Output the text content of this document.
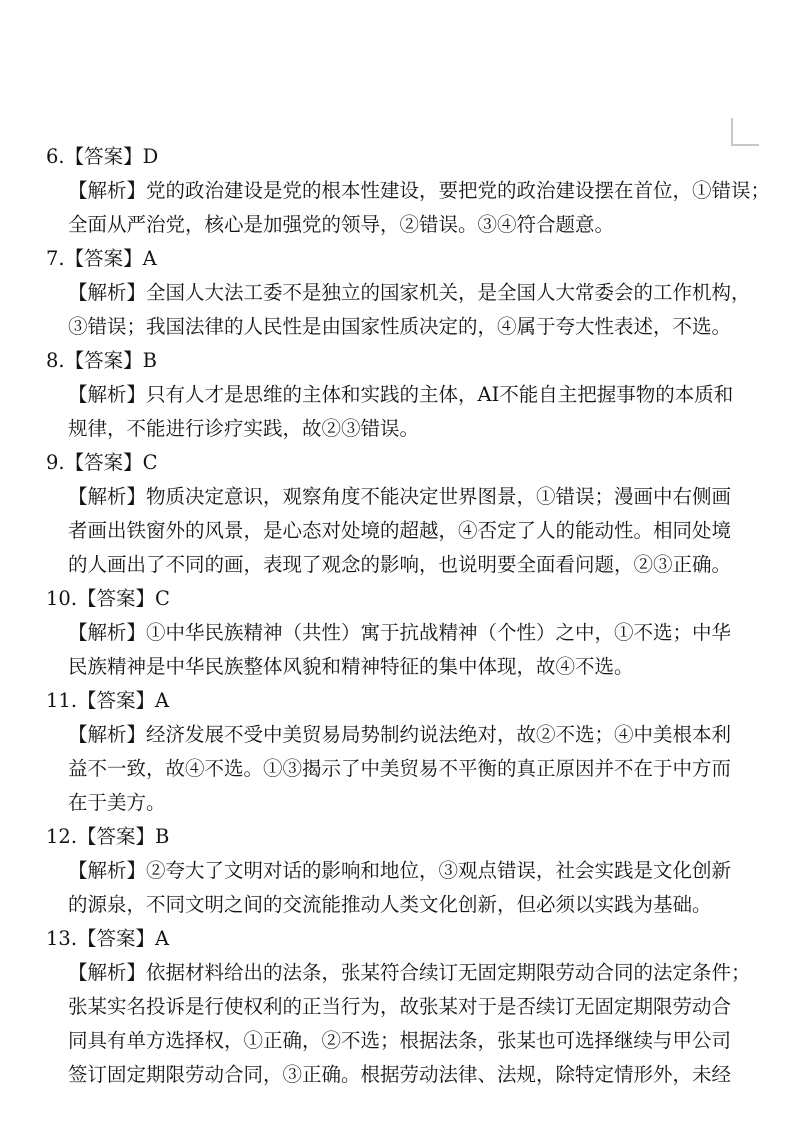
6.【答案】D
【解析】党的政治建设是党的根本性建设，要把党的政治建设摆在首位，①错误；
全面从严治党，核心是加强党的领导，②错误。③④符合题意。
7.【答案】A
【解析】全国人大法工委不是独立的国家机关，是全国人大常委会的工作机构，
③错误；我国法律的人民性是由国家性质决定的，④属于夸大性表述，不选。
8.【答案】B
【解析】只有人才是思维的主体和实践的主体，AI不能自主把握事物的本质和
规律，不能进行诊疗实践，故②③错误。
9.【答案】C
【解析】物质决定意识，观察角度不能决定世界图景，①错误；漫画中右侧画
者画出铁窗外的风景，是心态对处境的超越，④否定了人的能动性。相同处境
的人画出了不同的画，表现了观念的影响，也说明要全面看问题，②③正确。
10.【答案】C
【解析】①中华民族精神（共性）寓于抗战精神（个性）之中，①不选；中华
民族精神是中华民族整体风貌和精神特征的集中体现，故④不选。
11.【答案】A
【解析】经济发展不受中美贸易局势制约说法绝对，故②不选；④中美根本利
益不一致，故④不选。①③揭示了中美贸易不平衡的真正原因并不在于中方而
在于美方。
12.【答案】B
【解析】②夸大了文明对话的影响和地位，③观点错误，社会实践是文化创新
的源泉，不同文明之间的交流能推动人类文化创新，但必须以实践为基础。
13.【答案】A
【解析】依据材料给出的法条，张某符合续订无固定期限劳动合同的法定条件；
张某实名投诉是行使权利的正当行为，故张某对于是否续订无固定期限劳动合
同具有单方选择权，①正确，②不选；根据法条，张某也可选择继续与甲公司
签订固定期限劳动合同，③正确。根据劳动法律、法规，除特定情形外，未经
